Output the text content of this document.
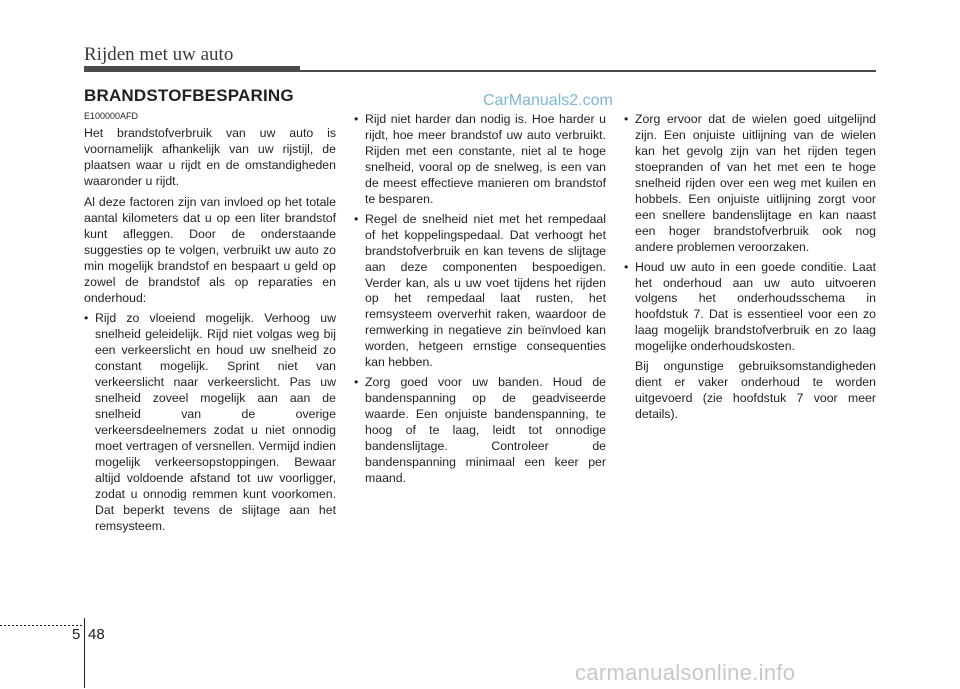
Rijden met uw auto
BRANDSTOFBESPARING	CarManuals2.com

E100000AFD

Het brandstofverbruik van uw auto is voornamelijk afhankelijk van uw rijstijl, de plaatsen waar u rijdt en de omstandigheden waaronder u rijdt.

Al deze factoren zijn van invloed op het totale aantal kilometers dat u op een liter brandstof kunt afleggen. Door de onderstaande suggesties op te volgen, verbruikt uw auto zo min mogelijk brandstof en bespaart u geld op zowel de brandstof als op reparaties en onderhoud:

• Rijd zo vloeiend mogelijk. Verhoog uw snelheid geleidelijk. Rijd niet volgas weg bij een verkeerslicht en houd uw snelheid zo constant mogelijk. Sprint niet van verkeerslicht naar verkeerslicht. Pas uw snelheid zoveel mogelijk aan aan de snelheid van de overige verkeersdeelnemers zodat u niet onnodig moet vertragen of versnellen. Vermijd indien mogelijk verkeersopstoppingen. Bewaar altijd voldoende afstand tot uw voorligger, zodat u onnodig remmen kunt voorkomen. Dat beperkt tevens de slijtage aan het remsysteem.
• Rijd niet harder dan nodig is. Hoe harder u rijdt, hoe meer brandstof uw auto verbruikt. Rijden met een constante, niet al te hoge snelheid, vooral op de snelweg, is een van de meest effectieve manieren om brandstof te besparen.
• Regel de snelheid niet met het rempedaal of het koppelingspedaal. Dat verhoogt het brandstofverbruik en kan tevens de slijtage aan deze componenten bespoedigen. Verder kan, als u uw voet tijdens het rijden op het rempedaal laat rusten, het remsysteem oververhit raken, waardoor de remwerking in negatieve zin beïnvloed kan worden, hetgeen ernstige consequenties kan hebben.
• Zorg goed voor uw banden. Houd de bandenspanning op de geadviseerde waarde. Een onjuiste bandenspanning, te hoog of te laag, leidt tot onnodige bandenslijtage. Controleer de bandenspanning minimaal een keer per maand.
• Zorg ervoor dat de wielen goed uitgelijnd zijn. Een onjuiste uitlijning van de wielen kan het gevolg zijn van het rijden tegen stoepranden of van het met een te hoge snelheid rijden over een weg met kuilen en hobbels. Een onjuiste uitlijning zorgt voor een snellere bandenslijtage en kan naast een hoger brandstofverbruik ook nog andere problemen veroorzaken.
• Houd uw auto in een goede conditie. Laat het onderhoud aan uw auto uitvoeren volgens het onderhoudsschema in hoofdstuk 7. Dat is essentieel voor een zo laag mogelijk brandstofverbruik en zo laag mogelijke onderhoudskosten.

Bij ongunstige gebruiksomstandigheden dient er vaker onderhoud te worden uitgevoerd (zie hoofdstuk 7 voor meer details).

5 48
carmanualsonline.info
